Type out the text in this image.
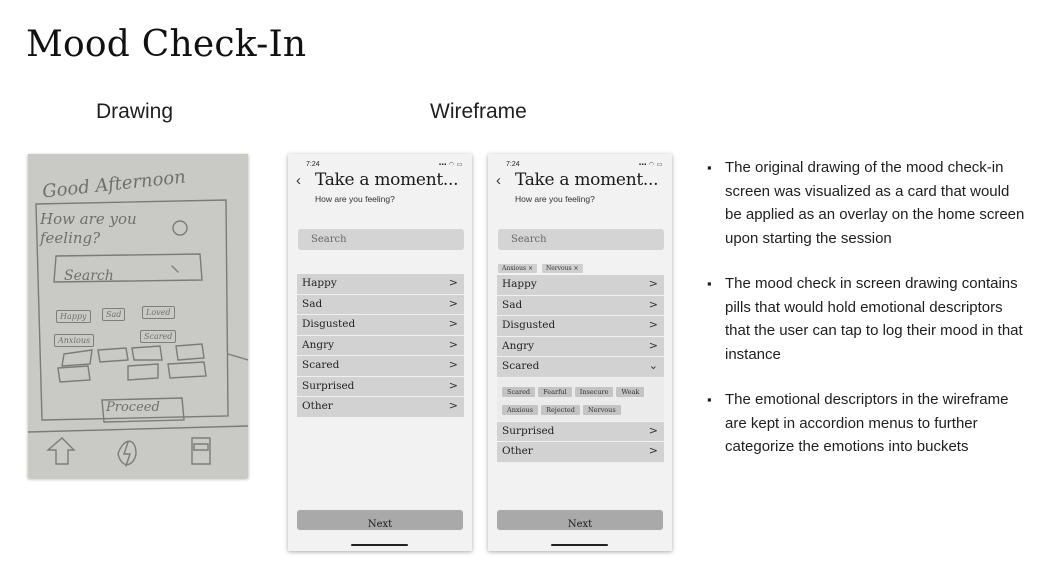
Mood Check-In
Drawing	Wireframe
Good Afternoon
How are you feeling?
Search
Happy	Sad	Loved
Anxious	Scared
Proceed
7:24	▪▪▪ ◠ ▭
‹ Take a moment...
How are you feeling?
Search
Happy	>
Sad	>
Disgusted	>
Angry	>
Scared	>
Surprised	>
Other	>
$_{Next}$
7:24	▪▪▪ ◠ ▭
‹ Take a moment...
How are you feeling?
Search
Anxious × Nervous ×
Happy	>
Sad	>
Disgusted	>
Angry	>
Scared	⌄
Scared Fearful Insecure WeakAnxious Rejected Nervous
Surprised	>
Other	>
$_{Next}$
▪ The original drawing of the mood check-in screen was visualized as a card that would be applied as an overlay on the home screen upon starting the session
▪ The mood check in screen drawing contains pills that would hold emotional descriptors that the user can tap to log their mood in that instance
▪ The emotional descriptors in the wireframe are kept in accordion menus to further categorize the emotions into buckets
